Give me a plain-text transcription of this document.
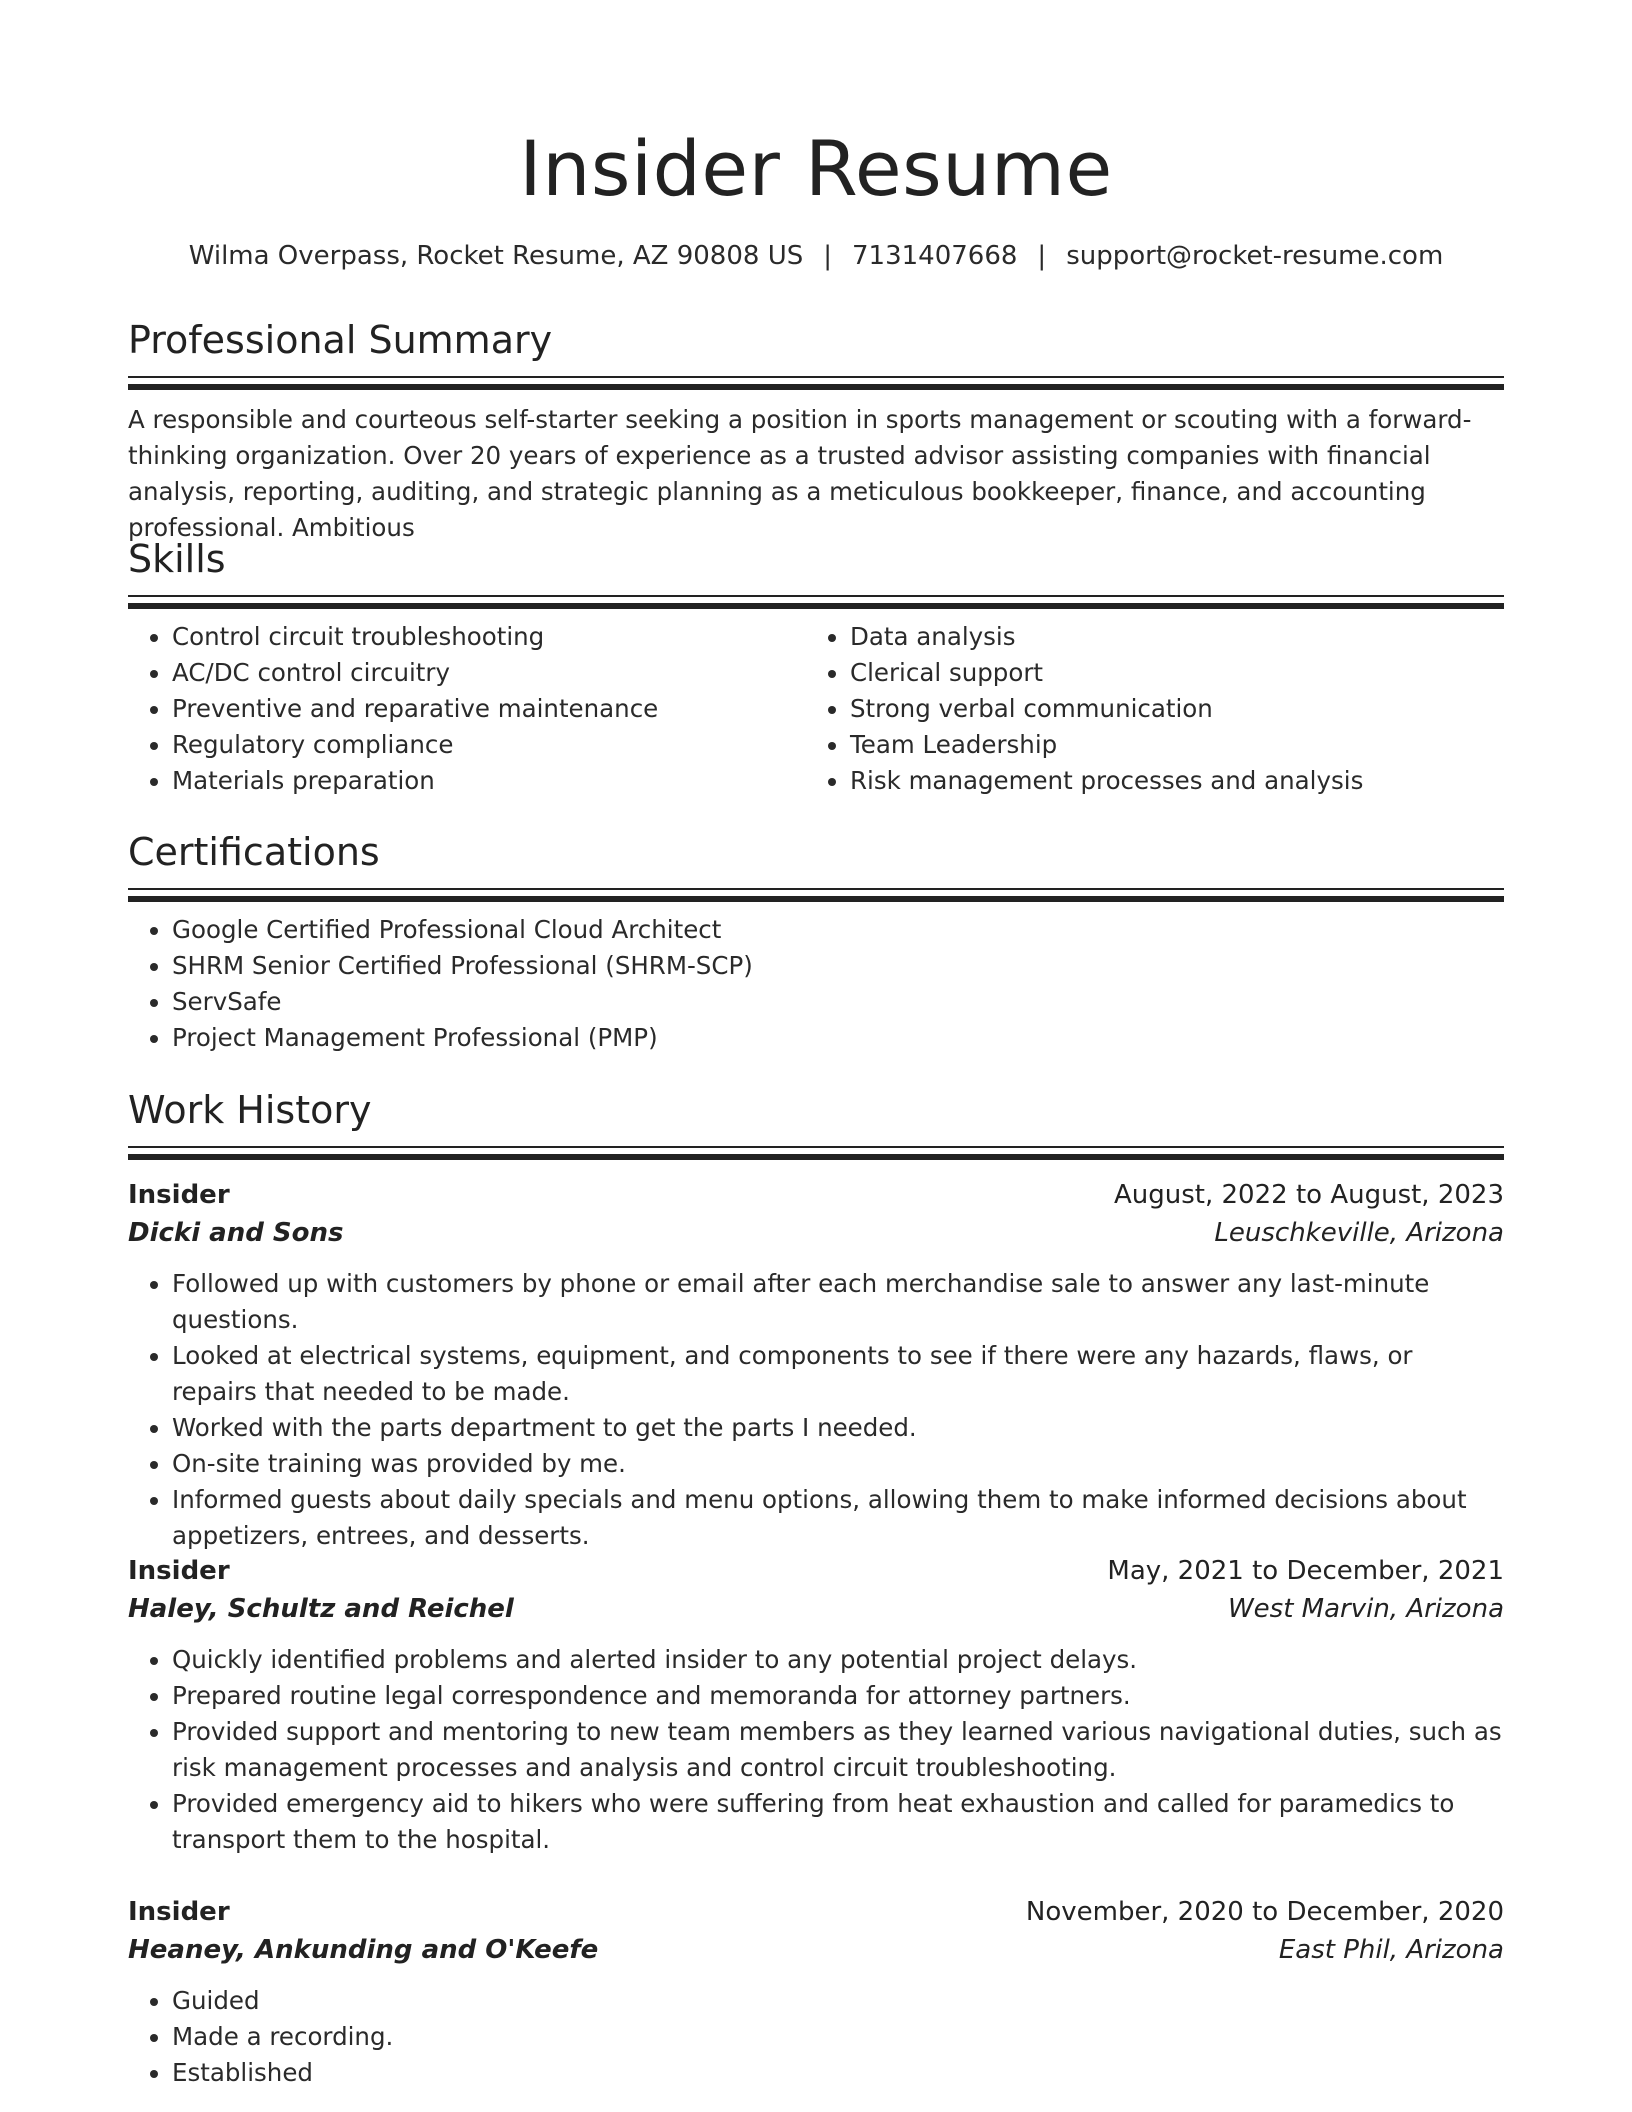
Insider Resume
Wilma Overpass, Rocket Resume, AZ 90808 US | 7131407668 | support@rocket-resume.com
Professional Summary
A responsible and courteous self-starter seeking a position in sports management or scouting with a forward-thinking organization. Over 20 years of experience as a trusted advisor assisting companies with financial analysis, reporting, auditing, and strategic planning as a meticulous bookkeeper, finance, and accounting professional. Ambitious
Skills
• Control circuit troubleshooting
• AC/DC control circuitry
• Preventive and reparative maintenance
• Regulatory compliance
• Materials preparation
• Data analysis
• Clerical support
• Strong verbal communication
• Team Leadership
• Risk management processes and analysis
Certifications
• Google Certified Professional Cloud Architect
• SHRM Senior Certified Professional (SHRM-SCP)
• ServSafe
• Project Management Professional (PMP)
Work History
Insider	August, 2022 to August, 2023
Dicki and Sons	Leuschkeville, Arizona
• Followed up with customers by phone or email after each merchandise sale to answer any last-minute questions.
• Looked at electrical systems, equipment, and components to see if there were any hazards, flaws, or repairs that needed to be made.
• Worked with the parts department to get the parts I needed.
• On-site training was provided by me.
• Informed guests about daily specials and menu options, allowing them to make informed decisions about appetizers, entrees, and desserts.
Insider	May, 2021 to December, 2021
Haley, Schultz and Reichel	West Marvin, Arizona
• Quickly identified problems and alerted insider to any potential project delays.
• Prepared routine legal correspondence and memoranda for attorney partners.
• Provided support and mentoring to new team members as they learned various navigational duties, such as risk management processes and analysis and control circuit troubleshooting.
• Provided emergency aid to hikers who were suffering from heat exhaustion and called for paramedics to transport them to the hospital.
Insider	November, 2020 to December, 2020
Heaney, Ankunding and O'Keefe	East Phil, Arizona
• Guided
• Made a recording.
• Established
